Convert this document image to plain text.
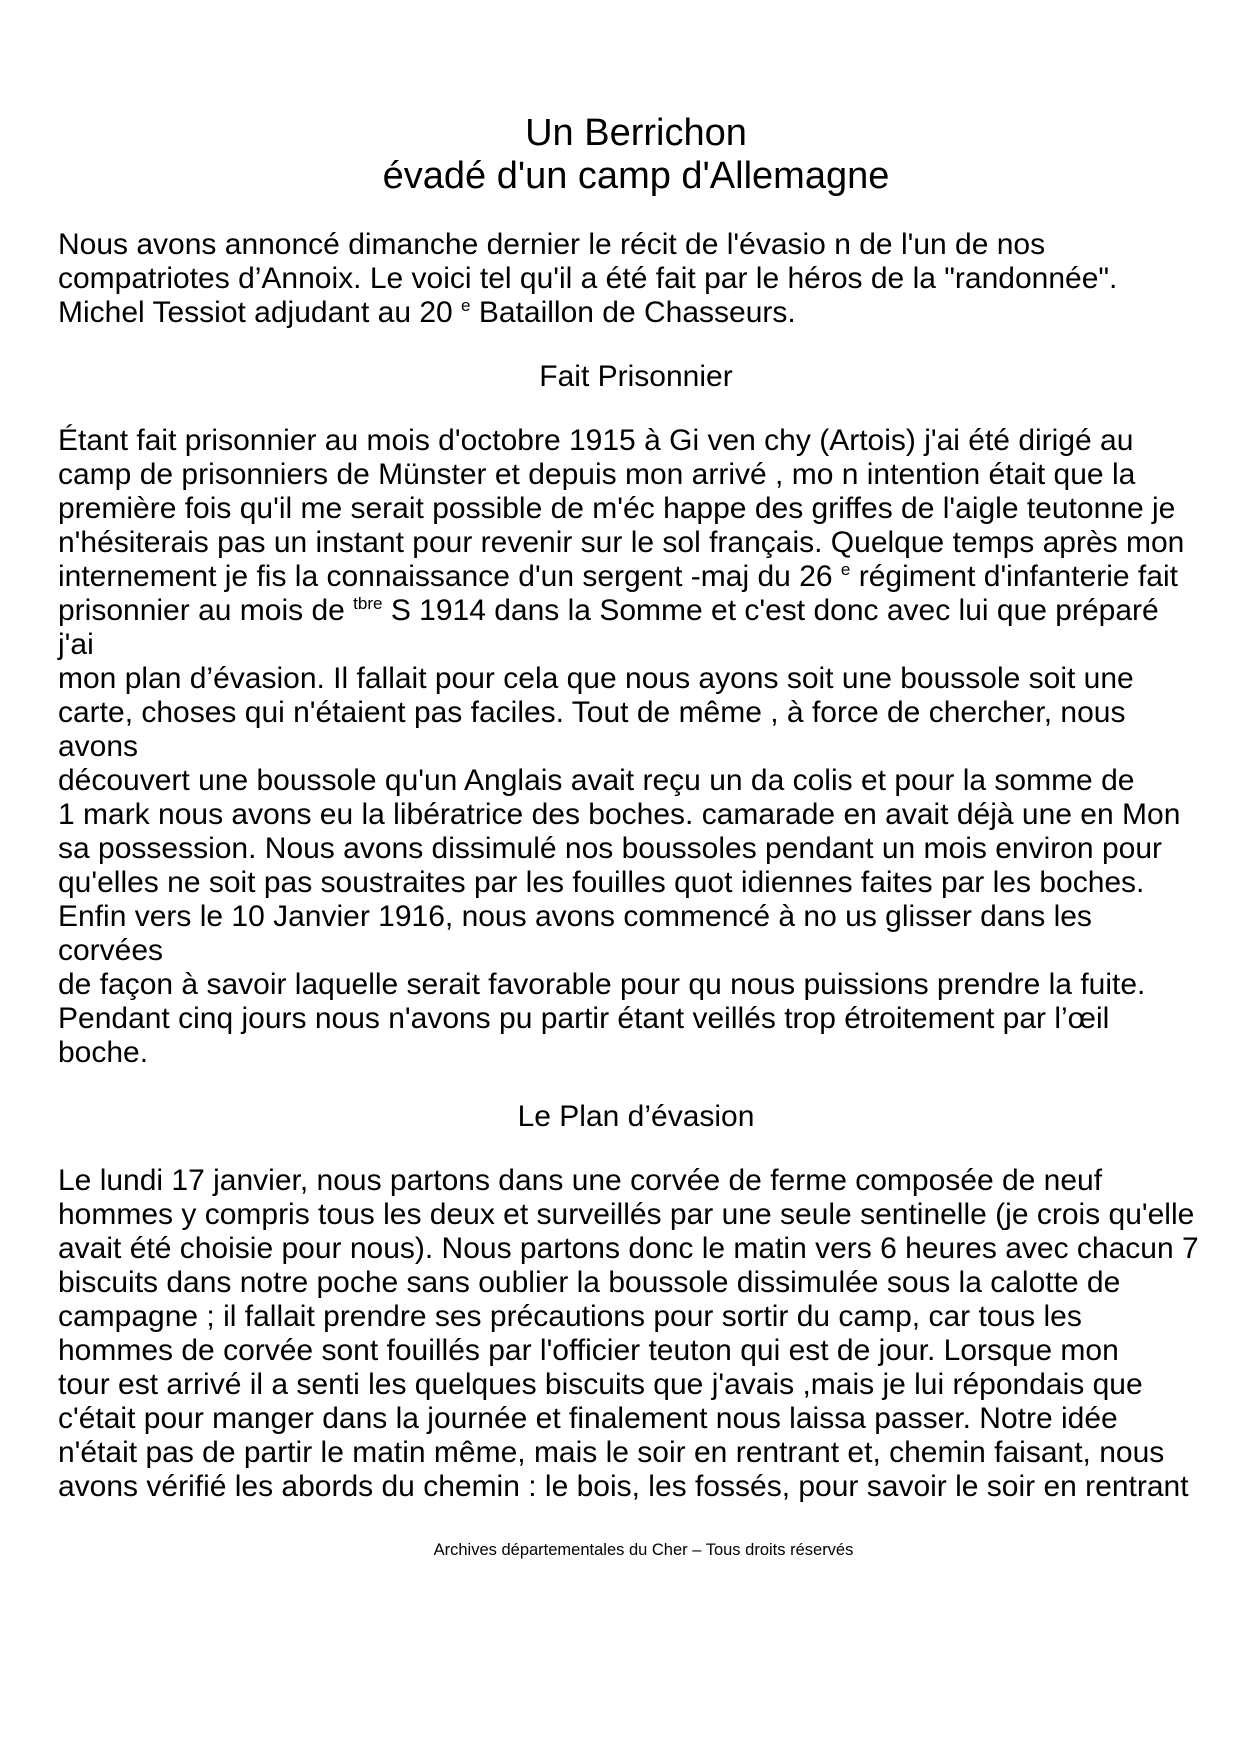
Un Berrichon
évadé d'un camp d'Allemagne
Nous avons annoncé dimanche dernier le récit de l'évasio n de l'un de nos
compatriotes d’Annoix. Le voici tel qu'il a été fait par le héros de la "randonnée".
Michel Tessiot adjudant au 20 $^e$ Bataillon de Chasseurs.
Fait Prisonnier
Étant fait prisonnier au mois d'octobre 1915 à Gi ven chy (Artois) j'ai été dirigé au
camp de prisonniers de Münster et depuis mon arrivé , mo n intention était que la
première fois qu'il me serait possible de m'éc happe des griffes de l'aigle teutonne je
n'hésiterais pas un instant pour revenir sur le sol français. Quelque temps après mon
internement je fis la connaissance d'un sergent -maj du 26 $^e$ régiment d'infanterie fait
prisonnier au mois de $^{tbre}$ S 1914 dans la Somme et c'est donc avec lui que préparé j'ai
mon plan d’évasion. Il fallait pour cela que nous ayons soit une boussole soit une
carte, choses qui n'étaient pas faciles. Tout de même , à force de chercher, nous avons
découvert une boussole qu'un Anglais avait reçu un da colis et pour la somme de
1 mark nous avons eu la libératrice des boches. camarade en avait déjà une en Mon
sa possession. Nous avons dissimulé nos boussoles pendant un mois environ pour
qu'elles ne soit pas soustraites par les fouilles quot idiennes faites par les boches.
Enfin vers le 10 Janvier 1916, nous avons commencé à no us glisser dans les corvées
de façon à savoir laquelle serait favorable pour qu nous puissions prendre la fuite.
Pendant cinq jours nous n'avons pu partir étant veillés trop étroitement par l’œil
boche.
Le Plan d’évasion
Le lundi 17 janvier, nous partons dans une corvée de ferme composée de neuf
hommes y compris tous les deux et surveillés par une seule sentinelle (je crois qu'elle
avait été choisie pour nous). Nous partons donc le matin vers 6 heures avec chacun 7
biscuits dans notre poche sans oublier la boussole dissimulée sous la calotte de
campagne ; il fallait prendre ses précautions pour sortir du camp, car tous les
hommes de corvée sont fouillés par l'officier teuton qui est de jour. Lorsque mon
tour est arrivé il a senti les quelques biscuits que j'avais ,mais je lui répondais que
c'était pour manger dans la journée et finalement nous laissa passer. Notre idée
n'était pas de partir le matin même, mais le soir en rentrant et, chemin faisant, nous
avons vérifié les abords du chemin : le bois, les fossés, pour savoir le soir en rentrant
Archives départementales du Cher – Tous droits réservés
